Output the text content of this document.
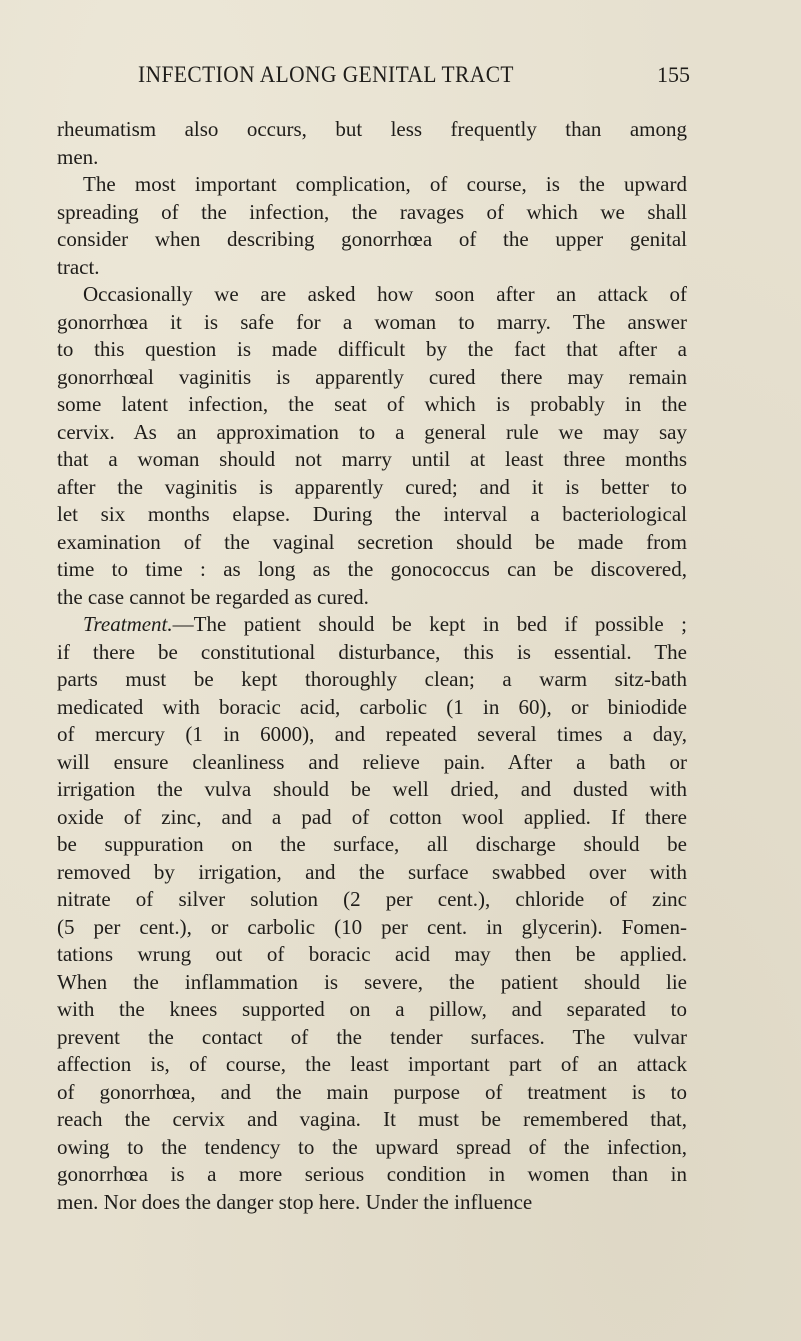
INFECTION ALONG GENITAL TRACT	155
rheumatism also occurs, but less frequently than among
men.
The most important complication, of course, is the upward
spreading of the infection, the ravages of which we shall
consider when describing gonorrhœa of the upper genital
tract.
Occasionally we are asked how soon after an attack of
gonorrhœa it is safe for a woman to marry. The answer
to this question is made difficult by the fact that after a
gonorrhœal vaginitis is apparently cured there may remain
some latent infection, the seat of which is probably in the
cervix. As an approximation to a general rule we may say
that a woman should not marry until at least three months
after the vaginitis is apparently cured; and it is better to
let six months elapse. During the interval a bacteriological
examination of the vaginal secretion should be made from
time to time : as long as the gonococcus can be discovered,
the case cannot be regarded as cured.
Treatment.—The patient should be kept in bed if possible ;
if there be constitutional disturbance, this is essential. The
parts must be kept thoroughly clean; a warm sitz-bath
medicated with boracic acid, carbolic (1 in 60), or biniodide
of mercury (1 in 6000), and repeated several times a day,
will ensure cleanliness and relieve pain. After a bath or
irrigation the vulva should be well dried, and dusted with
oxide of zinc, and a pad of cotton wool applied. If there
be suppuration on the surface, all discharge should be
removed by irrigation, and the surface swabbed over with
nitrate of silver solution (2 per cent.), chloride of zinc
(5 per cent.), or carbolic (10 per cent. in glycerin). Fomen-
tations wrung out of boracic acid may then be applied.
When the inflammation is severe, the patient should lie
with the knees supported on a pillow, and separated to
prevent the contact of the tender surfaces. The vulvar
affection is, of course, the least important part of an attack
of gonorrhœa, and the main purpose of treatment is to
reach the cervix and vagina. It must be remembered that,
owing to the tendency to the upward spread of the infection,
gonorrhœa is a more serious condition in women than in
men. Nor does the danger stop here. Under the influence
